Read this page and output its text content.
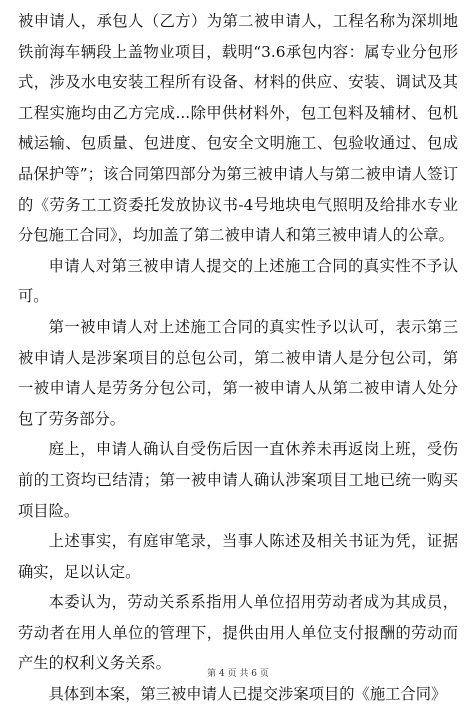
被申请人，承包人（乙方）为第二被申请人，工程名称为深圳地铁前海车辆段上盖物业项目，载明“3.6承包内容：属专业分包形式，涉及水电安装工程所有设备、材料的供应、安装、调试及其工程实施均由乙方完成...除甲供材料外，包工包料及辅材、包机械运输、包质量、包进度、包安全文明施工、包验收通过、包成品保护等”；该合同第四部分为第三被申请人与第二被申请人签订的《劳务工工资委托发放协议书-4号地块电气照明及给排水专业分包施工合同》，均加盖了第二被申请人和第三被申请人的公章。

申请人对第三被申请人提交的上述施工合同的真实性不予认可。

第一被申请人对上述施工合同的真实性予以认可，表示第三被申请人是涉案项目的总包公司，第二被申请人是分包公司，第一被申请人是劳务分包公司，第一被申请人从第二被申请人处分包了劳务部分。

庭上，申请人确认自受伤后因一直休养未再返岗上班，受伤前的工资均已结清；第一被申请人确认涉案项目工地已统一购买项目险。

上述事实，有庭审笔录，当事人陈述及相关书证为凭，证据确实，足以认定。

本委认为，劳动关系系指用人单位招用劳动者成为其成员，劳动者在用人单位的管理下，提供由用人单位支付报酬的劳动而产生的权利义务关系。

具体到本案，第三被申请人已提交涉案项目的《施工合同》

第 4 页 共 6 页
